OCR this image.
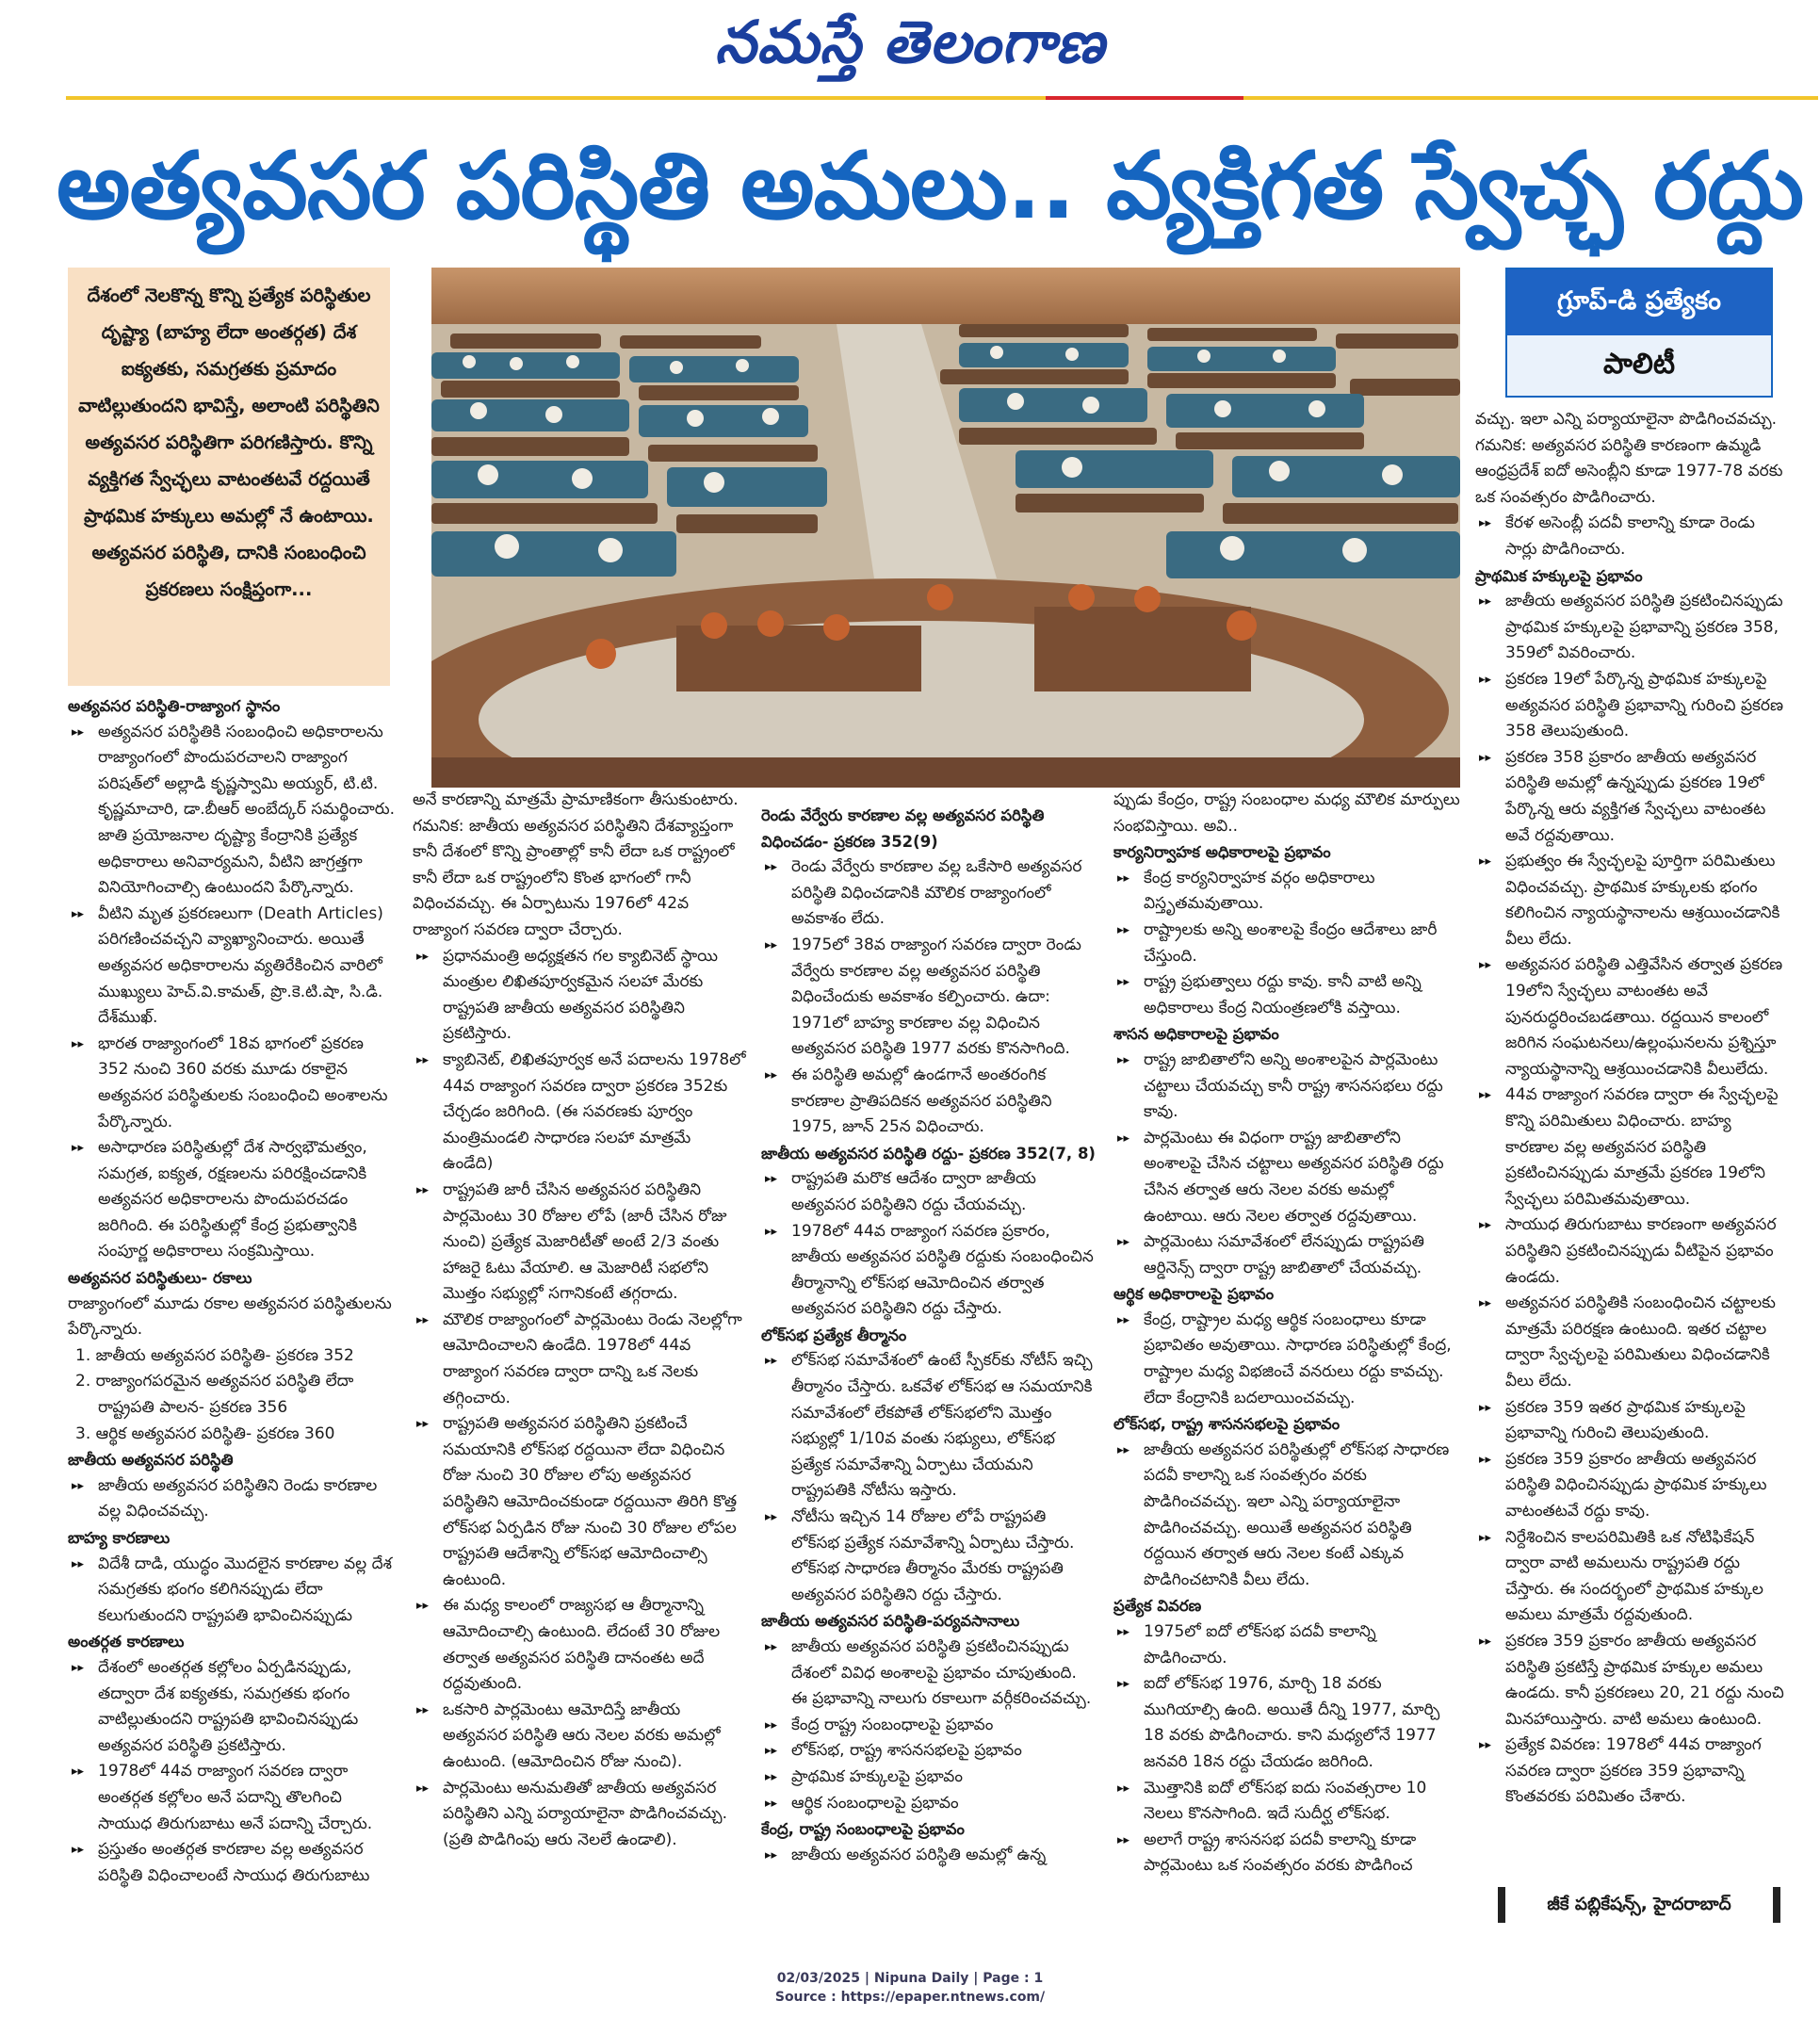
నమస్తే తెలంగాణ
అత్యవసర పరిస్థితి అమలు.. వ్యక్తిగత స్వేచ్ఛ రద్దు
దేశంలో నెలకొన్న కొన్ని ప్రత్యేక పరిస్థితుల దృష్ట్యా (బాహ్య లేదా అంతర్గత) దేశ ఐక్యతకు, సమగ్రతకు ప్రమాదం వాటిల్లుతుందని భావిస్తే, అలాంటి పరిస్థితిని అత్యవసర పరిస్థితిగా పరిగణిస్తారు. కొన్ని వ్యక్తిగత స్వేచ్ఛలు వాటంతటవే రద్దయితే ప్రాథమిక హక్కులు అమల్లో నే ఉంటాయి. అత్యవసర పరిస్థితి, దానికి సంబంధించి ప్రకరణలు సంక్షిప్తంగా...
గ్రూప్-డి ప్రత్యేకం
పాలిటీ

అత్యవసర పరిస్థితి-రాజ్యాంగ స్థానం

▸▸ అత్యవసర పరిస్థితికి సంబంధించి అధికారాలను రాజ్యాంగంలో పొందుపరచాలని రాజ్యాంగ పరిషత్‌లో అల్లాడి కృష్ణస్వామి అయ్యర్, టి.టి. కృష్ణమాచారి, డా.బీఆర్ అంబేద్కర్ సమర్థించారు. జాతి ప్రయోజనాల దృష్ట్యా కేంద్రానికి ప్రత్యేక అధికారాలు అనివార్యమని, వీటిని జాగ్రత్తగా వినియోగించాల్సి ఉంటుందని పేర్కొన్నారు.

▸▸ వీటిని మృత ప్రకరణలుగా (Death Articles) పరిగణించవచ్చని వ్యాఖ్యానించారు. అయితే అత్యవసర అధికారాలను వ్యతిరేకించిన వారిలో ముఖ్యులు హెచ్.వి.కామత్, ప్రొ.కె.టి.షా, సి.డి. దేశ్‌ముఖ్.

▸▸ భారత రాజ్యాంగంలో 18వ భాగంలో ప్రకరణ 352 నుంచి 360 వరకు మూడు రకాలైన అత్యవసర పరిస్థితులకు సంబంధించి అంశాలను పేర్కొన్నారు.

▸▸ అసాధారణ పరిస్థితుల్లో దేశ సార్వభౌమత్వం, సమగ్రత, ఐక్యత, రక్షణలను పరిరక్షించడానికి అత్యవసర అధికారాలను పొందుపరచడం జరిగింది. ఈ పరిస్థితుల్లో కేంద్ర ప్రభుత్వానికి సంపూర్ణ అధికారాలు సంక్రమిస్తాయి.

అత్యవసర పరిస్థితులు- రకాలు

రాజ్యాంగంలో మూడు రకాల అత్యవసర పరిస్థితులను పేర్కొన్నారు.

1. జాతీయ అత్యవసర పరిస్థితి- ప్రకరణ 352

2. రాజ్యాంగపరమైన అత్యవసర పరిస్థితి లేదా రాష్ట్రపతి పాలన- ప్రకరణ 356

3. ఆర్థిక అత్యవసర పరిస్థితి- ప్రకరణ 360

జాతీయ అత్యవసర పరిస్థితి

▸▸ జాతీయ అత్యవసర పరిస్థితిని రెండు కారణాల వల్ల విధించవచ్చు.

బాహ్య కారణాలు

▸▸ విదేశీ దాడి, యుద్ధం మొదలైన కారణాల వల్ల దేశ సమగ్రతకు భంగం కలిగినప్పుడు లేదా కలుగుతుందని రాష్ట్రపతి భావించినప్పుడు

అంతర్గత కారణాలు

▸▸ దేశంలో అంతర్గత కల్లోలం ఏర్పడినప్పుడు, తద్వారా దేశ ఐక్యతకు, సమగ్రతకు భంగం వాటిల్లుతుందని రాష్ట్రపతి భావించినప్పుడు అత్యవసర పరిస్థితి ప్రకటిస్తారు.

▸▸ 1978లో 44వ రాజ్యాంగ సవరణ ద్వారా అంతర్గత కల్లోలం అనే పదాన్ని తొలగించి సాయుధ తిరుగుబాటు అనే పదాన్ని చేర్చారు.

▸▸ ప్రస్తుతం అంతర్గత కారణాల వల్ల అత్యవసర పరిస్థితి విధించాలంటే సాయుధ తిరుగుబాటు

అనే కారణాన్ని మాత్రమే ప్రామాణికంగా తీసుకుంటారు.

గమనిక: జాతీయ అత్యవసర పరిస్థితిని దేశవ్యాప్తంగా కానీ దేశంలో కొన్ని ప్రాంతాల్లో కానీ లేదా ఒక రాష్ట్రంలో కానీ లేదా ఒక రాష్ట్రంలోని కొంత భాగంలో గానీ విధించవచ్చు. ఈ ఏర్పాటును 1976లో 42వ రాజ్యాంగ సవరణ ద్వారా చేర్చారు.

▸▸ ప్రధానమంత్రి అధ్యక్షతన గల క్యాబినెట్ స్థాయి మంత్రుల లిఖితపూర్వకమైన సలహా మేరకు రాష్ట్రపతి జాతీయ అత్యవసర పరిస్థితిని ప్రకటిస్తారు.

▸▸ క్యాబినెట్, లిఖితపూర్వక అనే పదాలను 1978లో 44వ రాజ్యాంగ సవరణ ద్వారా ప్రకరణ 352కు చేర్చడం జరిగింది. (ఈ సవరణకు పూర్వం మంత్రిమండలి సాధారణ సలహా మాత్రమే ఉండేది)

▸▸ రాష్ట్రపతి జారీ చేసిన అత్యవసర పరిస్థితిని పార్లమెంటు 30 రోజుల లోపే (జారీ చేసిన రోజు నుంచి) ప్రత్యేక మెజారిటీతో అంటే 2/3 వంతు హాజరై ఓటు వేయాలి. ఆ మెజారిటీ సభలోని మొత్తం సభ్యుల్లో సగానికంటే తగ్గరాదు.

▸▸ మౌలిక రాజ్యాంగంలో పార్లమెంటు రెండు నెలల్లోగా ఆమోదించాలని ఉండేది. 1978లో 44వ రాజ్యాంగ సవరణ ద్వారా దాన్ని ఒక నెలకు తగ్గించారు.

▸▸ రాష్ట్రపతి అత్యవసర పరిస్థితిని ప్రకటించే సమయానికి లోక్‌సభ రద్దయినా లేదా విధించిన రోజు నుంచి 30 రోజుల లోపు అత్యవసర పరిస్థితిని ఆమోదించకుండా రద్దయినా తిరిగి కొత్త లోక్‌సభ ఏర్పడిన రోజు నుంచి 30 రోజుల లోపల రాష్ట్రపతి ఆదేశాన్ని లోక్‌సభ ఆమోదించాల్సి ఉంటుంది.

▸▸ ఈ మధ్య కాలంలో రాజ్యసభ ఆ తీర్మానాన్ని ఆమోదించాల్సి ఉంటుంది. లేదంటే 30 రోజుల తర్వాత అత్యవసర పరిస్థితి దానంతట అదే రద్దవుతుంది.

▸▸ ఒకసారి పార్లమెంటు ఆమోదిస్తే జాతీయ అత్యవసర పరిస్థితి ఆరు నెలల వరకు అమల్లో ఉంటుంది. (ఆమోదించిన రోజు నుంచి).

▸▸ పార్లమెంటు అనుమతితో జాతీయ అత్యవసర పరిస్థితిని ఎన్ని పర్యాయాలైనా పొడిగించవచ్చు. (ప్రతి పొడిగింపు ఆరు నెలలే ఉండాలి).

రెండు వేర్వేరు కారణాల వల్ల అత్యవసర పరిస్థితి విధించడం- ప్రకరణ 352(9)

▸▸ రెండు వేర్వేరు కారణాల వల్ల ఒకేసారి అత్యవసర పరిస్థితి విధించడానికి మౌలిక రాజ్యాంగంలో అవకాశం లేదు.

▸▸ 1975లో 38వ రాజ్యాంగ సవరణ ద్వారా రెండు వేర్వేరు కారణాల వల్ల అత్యవసర పరిస్థితి విధించేందుకు అవకాశం కల్పించారు. ఉదా: 1971లో బాహ్య కారణాల వల్ల విధించిన అత్యవసర పరిస్థితి 1977 వరకు కొనసాగింది.

▸▸ ఈ పరిస్థితి అమల్లో ఉండగానే అంతరంగిక కారణాల ప్రాతిపదికన అత్యవసర పరిస్థితిని 1975, జూన్ 25న విధించారు.

జాతీయ అత్యవసర పరిస్థితి రద్దు- ప్రకరణ 352(7, 8)

▸▸ రాష్ట్రపతి మరొక ఆదేశం ద్వారా జాతీయ అత్యవసర పరిస్థితిని రద్దు చేయవచ్చు.

▸▸ 1978లో 44వ రాజ్యాంగ సవరణ ప్రకారం, జాతీయ అత్యవసర పరిస్థితి రద్దుకు సంబంధించిన తీర్మానాన్ని లోక్‌సభ ఆమోదించిన తర్వాత అత్యవసర పరిస్థితిని రద్దు చేస్తారు.

లోక్‌సభ ప్రత్యేక తీర్మానం

▸▸ లోక్‌సభ సమావేశంలో ఉంటే స్పీకర్‌కు నోటీస్ ఇచ్చి తీర్మానం చేస్తారు. ఒకవేళ లోక్‌సభ ఆ సమయానికి సమావేశంలో లేకపోతే లోక్‌సభలోని మొత్తం సభ్యుల్లో 1/10వ వంతు సభ్యులు, లోక్‌సభ ప్రత్యేక సమావేశాన్ని ఏర్పాటు చేయమని రాష్ట్రపతికి నోటీసు ఇస్తారు.

▸▸ నోటీసు ఇచ్చిన 14 రోజుల లోపే రాష్ట్రపతి లోక్‌సభ ప్రత్యేక సమావేశాన్ని ఏర్పాటు చేస్తారు. లోక్‌సభ సాధారణ తీర్మానం మేరకు రాష్ట్రపతి అత్యవసర పరిస్థితిని రద్దు చేస్తారు.

జాతీయ అత్యవసర పరిస్థితి-పర్యవసానాలు

▸▸ జాతీయ అత్యవసర పరిస్థితి ప్రకటించినప్పుడు దేశంలో వివిధ అంశాలపై ప్రభావం చూపుతుంది. ఈ ప్రభావాన్ని నాలుగు రకాలుగా వర్గీకరించవచ్చు.

▸▸ కేంద్ర రాష్ట్ర సంబంధాలపై ప్రభావం

▸▸ లోక్‌సభ, రాష్ట్ర శాసనసభలపై ప్రభావం

▸▸ ప్రాథమిక హక్కులపై ప్రభావం

▸▸ ఆర్థిక సంబంధాలపై ప్రభావం

కేంద్ర, రాష్ట్ర సంబంధాలపై ప్రభావం

▸▸ జాతీయ అత్యవసర పరిస్థితి అమల్లో ఉన్న

ప్పుడు కేంద్రం, రాష్ట్ర సంబంధాల మధ్య మౌలిక మార్పులు సంభవిస్తాయి. అవి..

కార్యనిర్వాహక అధికారాలపై ప్రభావం

▸▸ కేంద్ర కార్యనిర్వాహక వర్గం అధికారాలు విస్తృతమవుతాయి.

▸▸ రాష్ట్రాలకు అన్ని అంశాలపై కేంద్రం ఆదేశాలు జారీ చేస్తుంది.

▸▸ రాష్ట్ర ప్రభుత్వాలు రద్దు కావు. కానీ వాటి అన్ని అధికారాలు కేంద్ర నియంత్రణలోకి వస్తాయి.

శాసన అధికారాలపై ప్రభావం

▸▸ రాష్ట్ర జాబితాలోని అన్ని అంశాలపైన పార్లమెంటు చట్టాలు చేయవచ్చు కానీ రాష్ట్ర శాసనసభలు రద్దు కావు.

▸▸ పార్లమెంటు ఈ విధంగా రాష్ట్ర జాబితాలోని అంశాలపై చేసిన చట్టాలు అత్యవసర పరిస్థితి రద్దు చేసిన తర్వాత ఆరు నెలల వరకు అమల్లో ఉంటాయి. ఆరు నెలల తర్వాత రద్దవుతాయి.

▸▸ పార్లమెంటు సమావేశంలో లేనప్పుడు రాష్ట్రపతి ఆర్డినెన్స్ ద్వారా రాష్ట్ర జాబితాలో చేయవచ్చు.

ఆర్థిక అధికారాలపై ప్రభావం

▸▸ కేంద్ర, రాష్ట్రాల మధ్య ఆర్థిక సంబంధాలు కూడా ప్రభావితం అవుతాయి. సాధారణ పరిస్థితుల్లో కేంద్ర, రాష్ట్రాల మధ్య విభజించే వనరులు రద్దు కావచ్చు. లేదా కేంద్రానికి బదలాయించవచ్చు.

లోక్‌సభ, రాష్ట్ర శాసనసభలపై ప్రభావం

▸▸ జాతీయ అత్యవసర పరిస్థితుల్లో లోక్‌సభ సాధారణ పదవీ కాలాన్ని ఒక సంవత్సరం వరకు పొడిగించవచ్చు. ఇలా ఎన్ని పర్యాయాలైనా పొడిగించవచ్చు. అయితే అత్యవసర పరిస్థితి రద్దయిన తర్వాత ఆరు నెలల కంటే ఎక్కువ పొడిగించటానికి వీలు లేదు.

ప్రత్యేక వివరణ

▸▸ 1975లో ఐదో లోక్‌సభ పదవీ కాలాన్ని పొడిగించారు.

▸▸ ఐదో లోక్‌సభ 1976, మార్చి 18 వరకు ముగియాల్సి ఉంది. అయితే దీన్ని 1977, మార్చి 18 వరకు పొడిగించారు. కాని మధ్యలోనే 1977 జనవరి 18న రద్దు చేయడం జరిగింది.

▸▸ మొత్తానికి ఐదో లోక్‌సభ ఐదు సంవత్సరాల 10 నెలలు కొనసాగింది. ఇదే సుదీర్ఘ లోక్‌సభ.

▸▸ అలాగే రాష్ట్ర శాసనసభ పదవీ కాలాన్ని కూడా పార్లమెంటు ఒక సంవత్సరం వరకు పొడిగించ

వచ్చు. ఇలా ఎన్ని పర్యాయాలైనా పొడిగించవచ్చు.

గమనిక: అత్యవసర పరిస్థితి కారణంగా ఉమ్మడి ఆంధ్రప్రదేశ్ ఐదో అసెంబ్లీని కూడా 1977-78 వరకు ఒక సంవత్సరం పొడిగించారు.

▸▸ కేరళ అసెంబ్లీ పదవీ కాలాన్ని కూడా రెండు సార్లు పొడిగించారు.

ప్రాథమిక హక్కులపై ప్రభావం

▸▸ జాతీయ అత్యవసర పరిస్థితి ప్రకటించినప్పుడు ప్రాథమిక హక్కులపై ప్రభావాన్ని ప్రకరణ 358, 359లో వివరించారు.

▸▸ ప్రకరణ 19లో పేర్కొన్న ప్రాథమిక హక్కులపై అత్యవసర పరిస్థితి ప్రభావాన్ని గురించి ప్రకరణ 358 తెలుపుతుంది.

▸▸ ప్రకరణ 358 ప్రకారం జాతీయ అత్యవసర పరిస్థితి అమల్లో ఉన్నప్పుడు ప్రకరణ 19లో పేర్కొన్న ఆరు వ్యక్తిగత స్వేచ్ఛలు వాటంతట అవే రద్దవుతాయి.

▸▸ ప్రభుత్వం ఈ స్వేచ్ఛలపై పూర్తిగా పరిమితులు విధించవచ్చు. ప్రాథమిక హక్కులకు భంగం కలిగించిన న్యాయస్థానాలను ఆశ్రయించడానికి వీలు లేదు.

▸▸ అత్యవసర పరిస్థితి ఎత్తివేసిన తర్వాత ప్రకరణ 19లోని స్వేచ్ఛలు వాటంతట అవే పునరుద్ధరించబడతాయి. రద్దయిన కాలంలో జరిగిన సంఘటనలు/ఉల్లంఘనలను ప్రశ్నిస్తూ న్యాయస్థానాన్ని ఆశ్రయించడానికి వీలులేదు.

▸▸ 44వ రాజ్యాంగ సవరణ ద్వారా ఈ స్వేచ్ఛలపై కొన్ని పరిమితులు విధించారు. బాహ్య కారణాల వల్ల అత్యవసర పరిస్థితి ప్రకటించినప్పుడు మాత్రమే ప్రకరణ 19లోని స్వేచ్ఛలు పరిమితమవుతాయి.

▸▸ సాయుధ తిరుగుబాటు కారణంగా అత్యవసర పరిస్థితిని ప్రకటించినప్పుడు వీటిపైన ప్రభావం ఉండదు.

▸▸ అత్యవసర పరిస్థితికి సంబంధించిన చట్టాలకు మాత్రమే పరిరక్షణ ఉంటుంది. ఇతర చట్టాల ద్వారా స్వేచ్ఛలపై పరిమితులు విధించడానికి వీలు లేదు.

▸▸ ప్రకరణ 359 ఇతర ప్రాథమిక హక్కులపై ప్రభావాన్ని గురించి తెలుపుతుంది.

▸▸ ప్రకరణ 359 ప్రకారం జాతీయ అత్యవసర పరిస్థితి విధించినప్పుడు ప్రాథమిక హక్కులు వాటంతటవే రద్దు కావు.

▸▸ నిర్దేశించిన కాలపరిమితికి ఒక నోటిఫికేషన్ ద్వారా వాటి అమలును రాష్ట్రపతి రద్దు చేస్తారు. ఈ సందర్భంలో ప్రాథమిక హక్కుల అమలు మాత్రమే రద్దవుతుంది.

▸▸ ప్రకరణ 359 ప్రకారం జాతీయ అత్యవసర పరిస్థితి ప్రకటిస్తే ప్రాథమిక హక్కుల అమలు ఉండదు. కానీ ప్రకరణలు 20, 21 రద్దు నుంచి మినహాయిస్తారు. వాటి అమలు ఉంటుంది.

▸▸ ప్రత్యేక వివరణ: 1978లో 44వ రాజ్యాంగ సవరణ ద్వారా ప్రకరణ 359 ప్రభావాన్ని కొంతవరకు పరిమితం చేశారు.

జీకే పబ్లికేషన్స్, హైదరాబాద్
02/03/2025 | Nipuna Daily | Page : 1
Source : https://epaper.ntnews.com/
